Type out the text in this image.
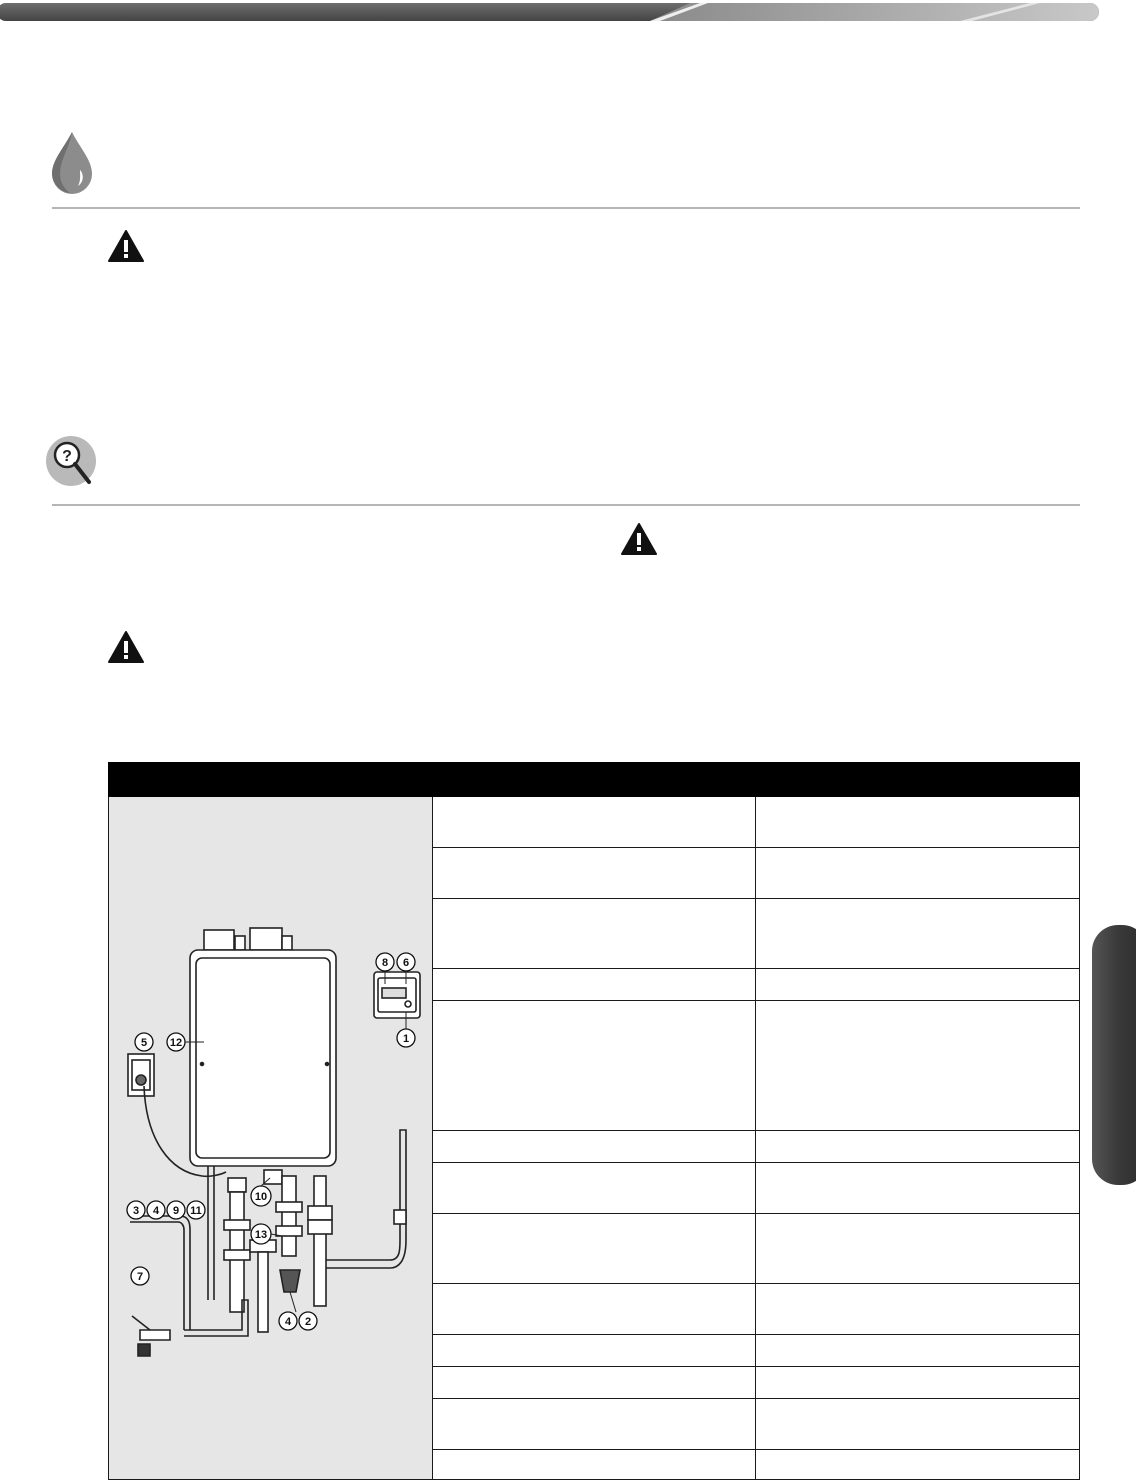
?

5 12
8 6
1
10
13
3 4 9 11
7
4 2
